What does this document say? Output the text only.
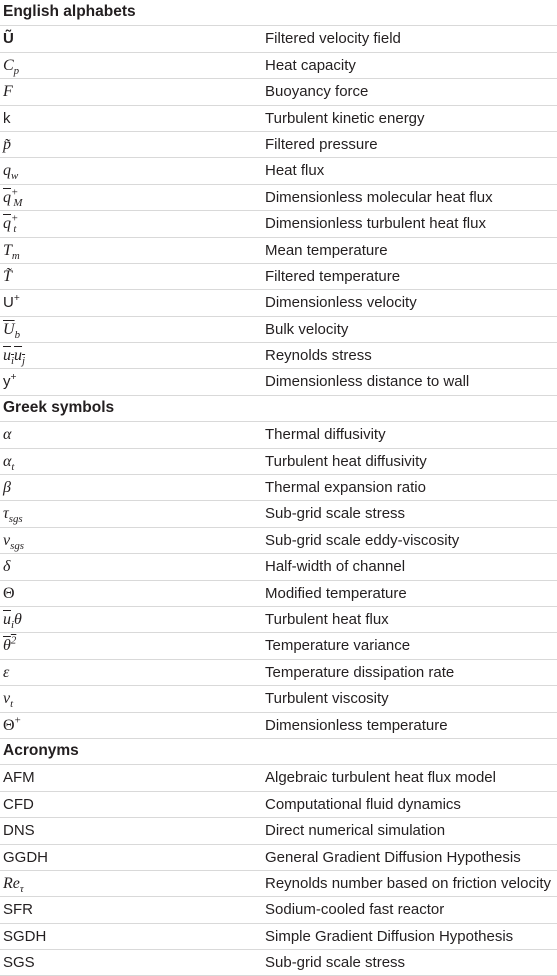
English alphabets
Ũ	Filtered velocity field
$C_p$	Heat capacity
F	Buoyancy force
k	Turbulent kinetic energy
p̃	Filtered pressure
$q_w$	Heat flux
$\overline{q}^+_M$	Dimensionless molecular heat flux
$\overline{q}^+_t$	Dimensionless turbulent heat flux
$T_m$	Mean temperature
T̃	Filtered temperature
U+	Dimensionless velocity
$\overline{U}_b$	Bulk velocity
$u_iu_j$	Reynolds stress
y+	Dimensionless distance to wall
Greek symbols
α	Thermal diffusivity
$\alpha_t$	Turbulent heat diffusivity
β	Thermal expansion ratio
$\tau_{sgs}$	Sub-grid scale stress
$\nu_{sgs}$	Sub-grid scale eddy-viscosity
δ	Half-width of channel
Θ	Modified temperature
$\overline{u}_i\theta$	Turbulent heat flux
$\theta^2$	Temperature variance
ε	Temperature dissipation rate
$\nu_t$	Turbulent viscosity
Θ+	Dimensionless temperature
Acronyms
AFM	Algebraic turbulent heat flux model
CFD	Computational fluid dynamics
DNS	Direct numerical simulation
GGDH	General Gradient Diffusion Hypothesis
$Re_\tau$	Reynolds number based on friction velocity
SFR	Sodium-cooled fast reactor
SGDH	Simple Gradient Diffusion Hypothesis
SGS	Sub-grid scale stress
